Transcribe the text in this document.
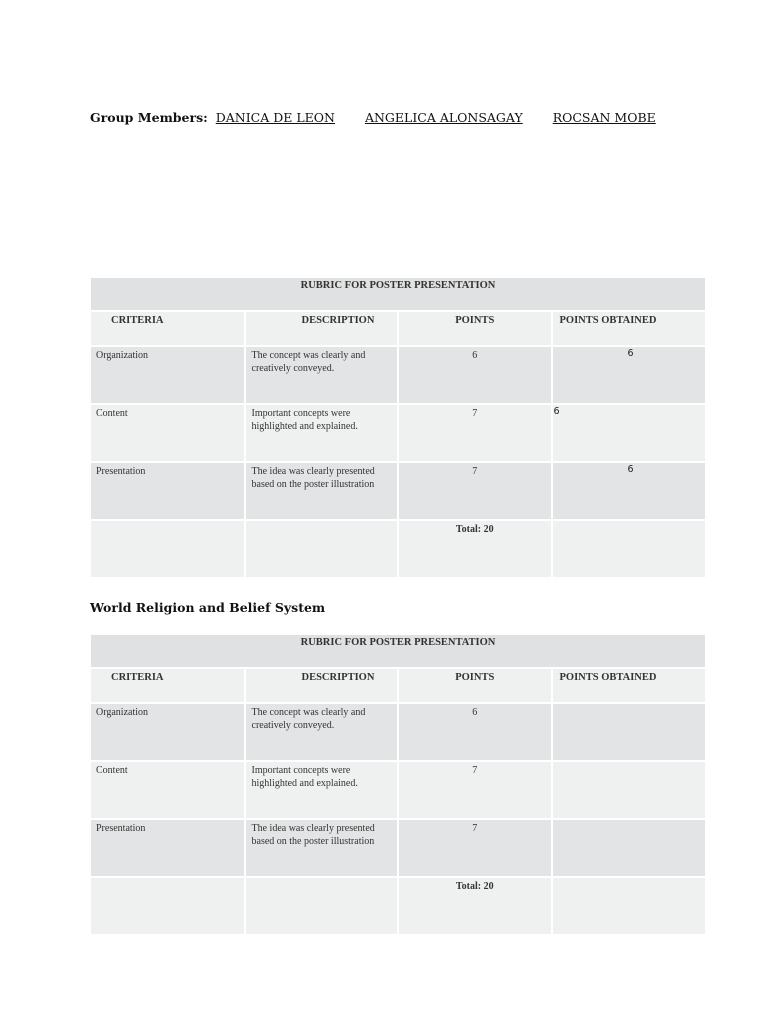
Group Members: DANICA DE LEON ANGELICA ALONSAGAY ROCSAN MOBE
RUBRIC FOR POSTER PRESENTATION			
CRITERIA	DESCRIPTION	POINTS	POINTS OBTAINED
Organization	The concept was clearly and creatively conveyed.	6	6

Content	Important concepts were highlighted and explained.	7	6

Presentation	The idea was clearly presented based on the poster illustration	7	6

		Total: 20	
World Religion and Belief System
RUBRIC FOR POSTER PRESENTATION			
CRITERIA	DESCRIPTION	POINTS	POINTS OBTAINED
Organization	The concept was clearly and creatively conveyed.	6	
Content	Important concepts were highlighted and explained.	7	
Presentation	The idea was clearly presented based on the poster illustration	7	
		Total: 20	
